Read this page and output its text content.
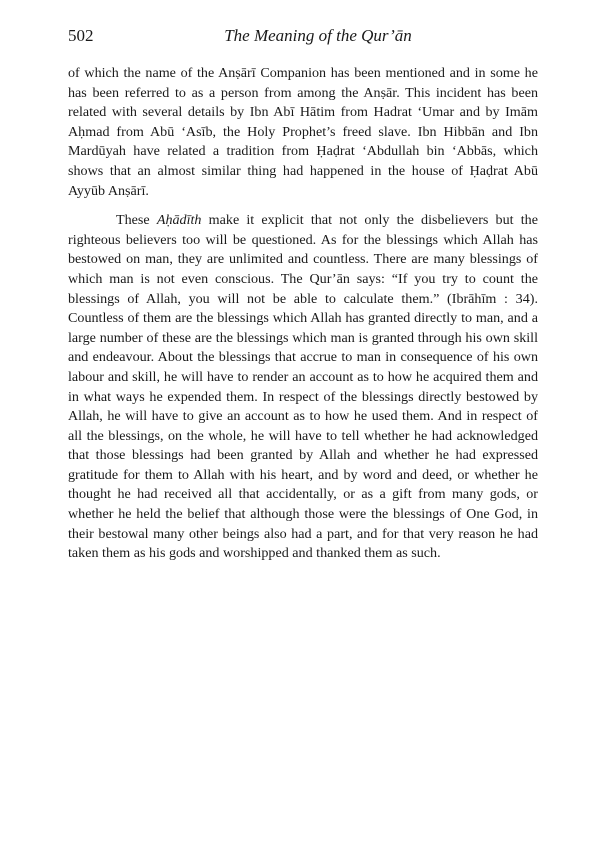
502	The Meaning of the Qur’ān
of which the name of the Anṣārī Companion has been mentioned and in some he
has been referred to as a person from among the Anṣār. This incident has been
related with several details by Ibn Abī Hātim from Hadrat ‘Umar and by Imām
Aḥmad from Abū ‘Asīb, the Holy Prophet’s freed slave. Ibn Hibbān and Ibn
Mardūyah have related a tradition from Ḥaḍrat ‘Abdullah bin ‘Abbās, which
shows that an almost similar thing had happened in the house of Ḥaḍrat Abū
Ayyūb Anṣārī.
These Aḥādīth make it explicit that not only the disbelievers but the
righteous believers too will be questioned. As for the blessings which Allah has
bestowed on man, they are unlimited and countless. There are many blessings of
which man is not even conscious. The Qur’ān says: “If you try to count the
blessings of Allah, you will not be able to calculate them.” (Ibrāhīm : 34).
Countless of them are the blessings which Allah has granted directly to man, and a
large number of these are the blessings which man is granted through his own skill
and endeavour. About the blessings that accrue to man in consequence of his own
labour and skill, he will have to render an account as to how he acquired them and
in what ways he expended them. In respect of the blessings directly bestowed by
Allah, he will have to give an account as to how he used them. And in respect of
all the blessings, on the whole, he will have to tell whether he had acknowledged
that those blessings had been granted by Allah and whether he had expressed
gratitude for them to Allah with his heart, and by word and deed, or whether he
thought he had received all that accidentally, or as a gift from many gods, or
whether he held the belief that although those were the blessings of One God, in
their bestowal many other beings also had a part, and for that very reason he had
taken them as his gods and worshipped and thanked them as such.
